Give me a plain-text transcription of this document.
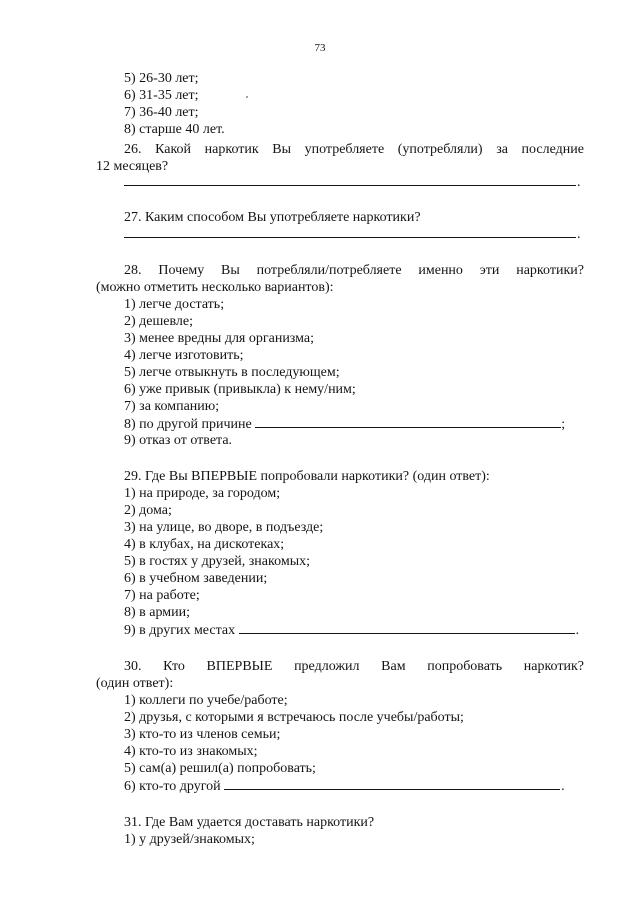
73
5) 26-30 лет;
6) 31-35 лет;
7) 36-40 лет;
8) старше 40 лет.
26. Какой наркотик Вы употребляете (употребляли) за последние
12 месяцев?
.
27. Каким способом Вы употребляете наркотики?
.
28. Почему Вы потребляли/потребляете именно эти наркотики?
(можно отметить несколько вариантов):
1) легче достать;
2) дешевле;
3) менее вредны для организма;
4) легче изготовить;
5) легче отвыкнуть в последующем;
6) уже привык (привыкла) к нему/ним;
7) за компанию;
8) по другой причине	;
9) отказ от ответа.
29. Где Вы ВПЕРВЫЕ попробовали наркотики? (один ответ):
1) на природе, за городом;
2) дома;
3) на улице, во дворе, в подъезде;
4) в клубах, на дискотеках;
5) в гостях у друзей, знакомых;
6) в учебном заведении;
7) на работе;
8) в армии;
9) в других местах	.
30. Кто ВПЕРВЫЕ предложил Вам попробовать наркотик?
(один ответ):
1) коллеги по учебе/работе;
2) друзья, с которыми я встречаюсь после учебы/работы;
3) кто-то из членов семьи;
4) кто-то из знакомых;
5) сам(а) решил(а) попробовать;
6) кто-то другой	.
31. Где Вам удается доставать наркотики?
1) у друзей/знакомых;
